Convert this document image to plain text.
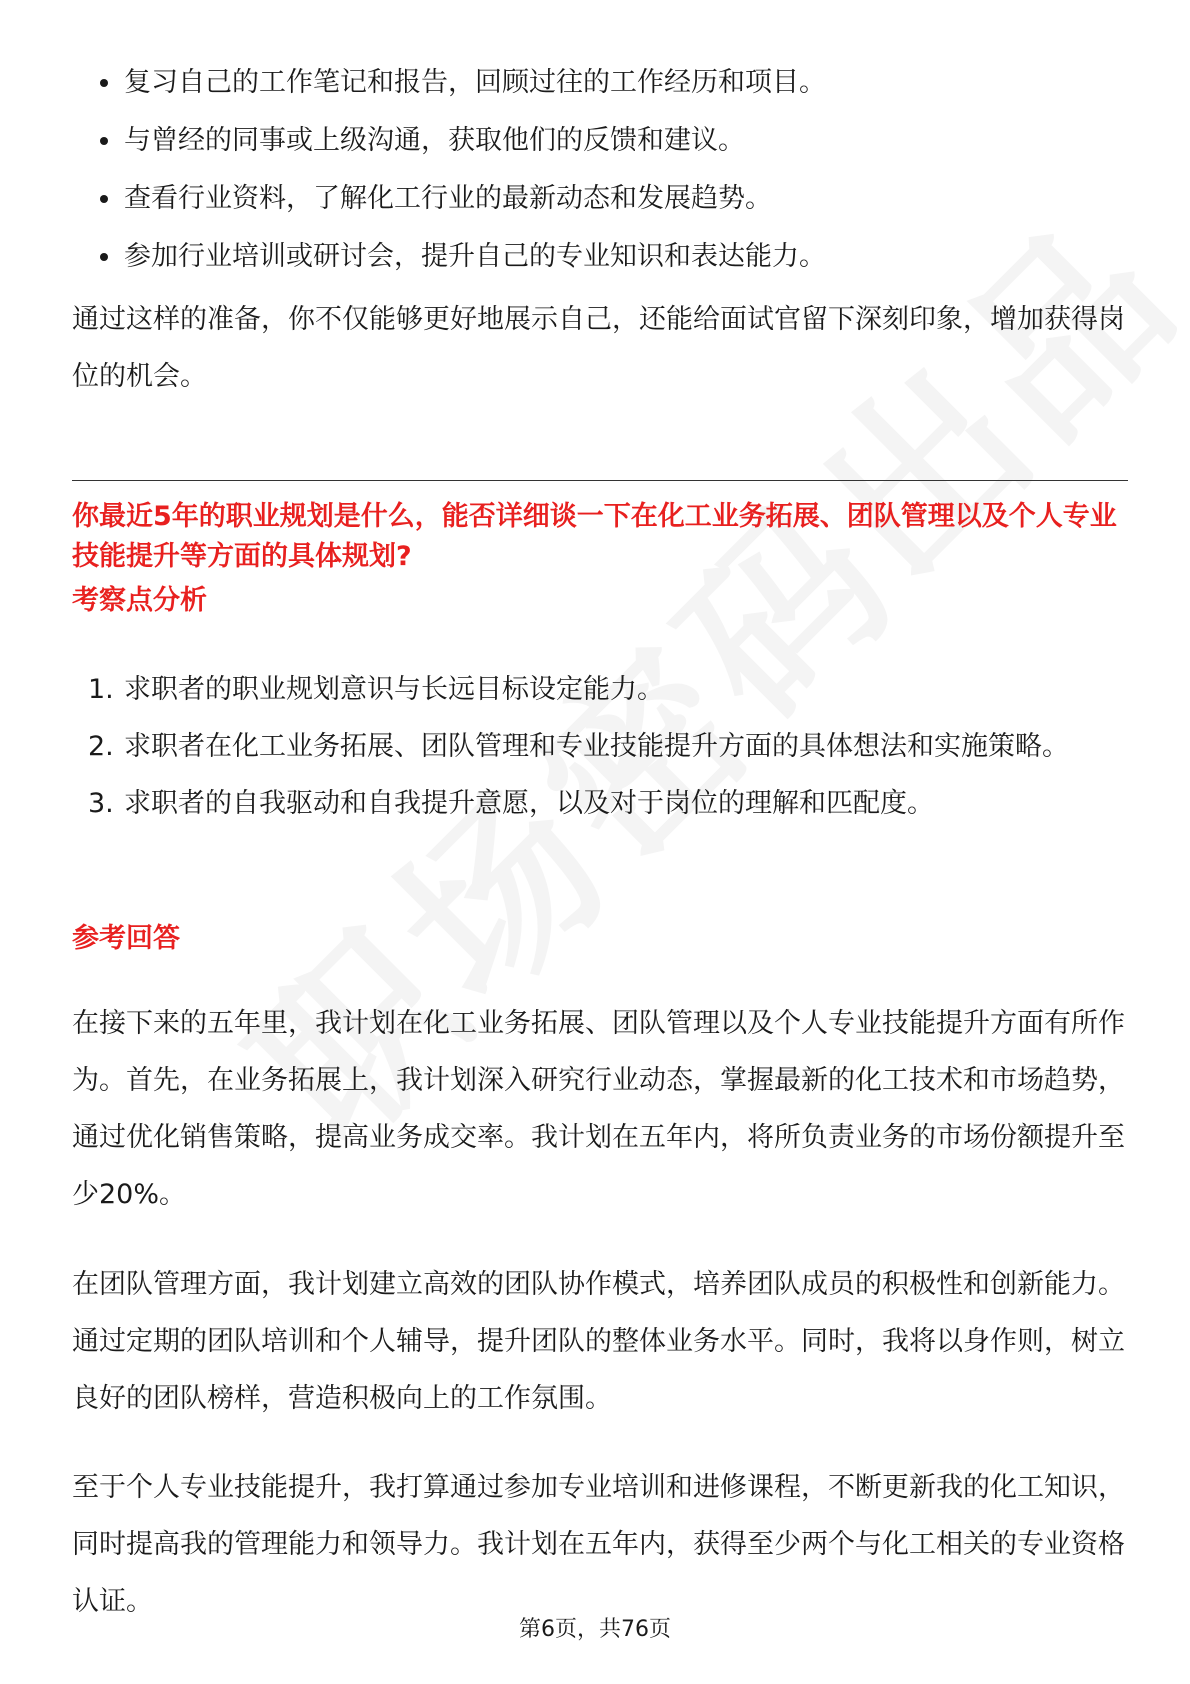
复习自己的工作笔记和报告，回顾过往的工作经历和项目。
与曾经的同事或上级沟通，获取他们的反馈和建议。
查看行业资料，了解化工行业的最新动态和发展趋势。
参加行业培训或研讨会，提升自己的专业知识和表达能力。

通过这样的准备，你不仅能够更好地展示自己，还能给面试官留下深刻印象，增加获得岗位的机会。

你最近5年的职业规划是什么，能否详细谈一下在化工业务拓展、团队管理以及个人专业技能提升等方面的具体规划?

考察点分析
1. 求职者的职业规划意识与长远目标设定能力。
2. 求职者在化工业务拓展、团队管理和专业技能提升方面的具体想法和实施策略。
3. 求职者的自我驱动和自我提升意愿，以及对于岗位的理解和匹配度。
参考回答

在接下来的五年里，我计划在化工业务拓展、团队管理以及个人专业技能提升方面有所作为。首先，在业务拓展上，我计划深入研究行业动态，掌握最新的化工技术和市场趋势，通过优化销售策略，提高业务成交率。我计划在五年内，将所负责业务的市场份额提升至少20%。

在团队管理方面，我计划建立高效的团队协作模式，培养团队成员的积极性和创新能力。通过定期的团队培训和个人辅导，提升团队的整体业务水平。同时，我将以身作则，树立良好的团队榜样，营造积极向上的工作氛围。

至于个人专业技能提升，我打算通过参加专业培训和进修课程，不断更新我的化工知识，同时提高我的管理能力和领导力。我计划在五年内，获得至少两个与化工相关的专业资格认证。

第6页，共76页
